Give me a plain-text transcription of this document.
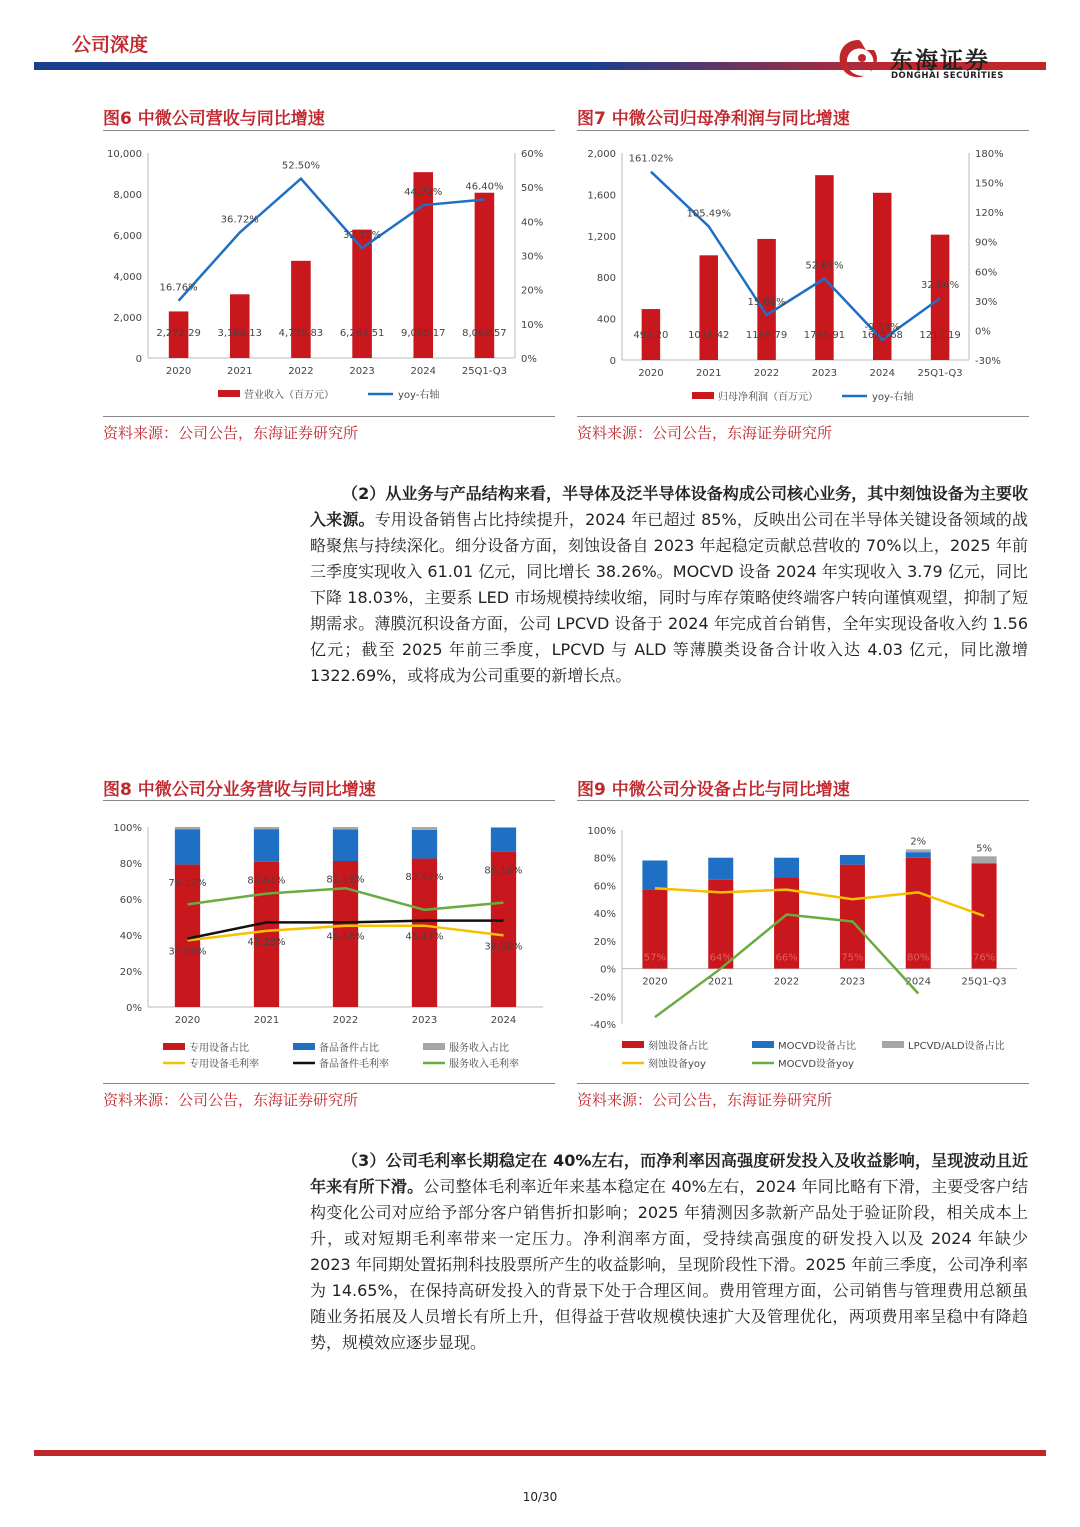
公司深度
东海证券
DONGHAI SECURITIES
图6 中微公司营收与同比增速	图7 中微公司归母净利润与同比增速
0
2,000
4,000
6,000
8,000
10,000
0%
10%
20%
30%
40%
50%
60%
2020	2021	2022	2023	2024	25Q1-Q3
16.76%
36.72%
52.50%
32.15%
44.73%
46.40%
2,272.29 3,108.13 4,739.83 6,263.51 9,065.17 8,062.57
营业收入（百万元）	yoy-右轴
0
400
800
1,200
1,600
2,000
-30%
0%
30%
60%
90%
120%
150%
180%
2020	2021	2022	2023	2024 25Q1-Q3
161.02%
105.49%
15.66%
52.67%
-9.53%
32.66%
492.20 1011.42 1169.79 1785.91 1615.68 1211.19
归母净利润（百万元）	yoy-右轴
资料来源：公司公告，东海证券研究所	资料来源：公司公告，东海证券研究所
（2）从业务与产品结构来看，半导体及泛半导体设备构成公司核心业务，其中刻蚀设备为主要收入来源。专用设备销售占比持续提升，2024 年已超过 85%，反映出公司在半导体关键设备领域的战略聚焦与持续深化。细分设备方面，刻蚀设备自 2023 年起稳定贡献总营收的 70%以上，2025 年前三季度实现收入 61.01 亿元，同比增长 38.26%。MOCVD 设备 2024 年实现收入 3.79 亿元，同比下降 18.03%，主要系 LED 市场规模持续收缩，同时与库存策略使终端客户转向谨慎观望，抑制了短期需求。薄膜沉积设备方面，公司 LPCVD 设备于 2024 年完成首台销售，全年实现设备收入约 1.56 亿元；截至 2025 年前三季度，LPCVD 与 ALD 等薄膜类设备合计收入达 4.03 亿元，同比激增 1322.69%，或将成为公司重要的新增长点。
图8 中微公司分业务营收与同比增速	图9 中微公司分设备占比与同比增速
0%
20%
40%
60%
80%
100%
2020	2021	2022	2023	2024
79.12%
37.00%
80.61%
42.28%
81.11%
45.16%
82.47%
45.17%
86.16%
39.80%
专用设备占比	备品备件占比	服务收入占比
专用设备毛利率	备品备件毛利率	服务收入毛利率
-40%
-20%
0%
20%
40%
60%
80%
100%
2020
57%
2021
64%
2022
66%
2023
75%
2024
80%
2%
25Q1-Q3
76%
5%
刻蚀设备占比	MOCVD设备占比	LPCVD/ALD设备占比
刻蚀设备yoy	MOCVD设备yoy
资料来源：公司公告，东海证券研究所	资料来源：公司公告，东海证券研究所
（3）公司毛利率长期稳定在 40%左右，而净利率因高强度研发投入及收益影响，呈现波动且近年来有所下滑。公司整体毛利率近年来基本稳定在 40%左右，2024 年同比略有下滑，主要受客户结构变化公司对应给予部分客户销售折扣影响；2025 年猜测因多款新产品处于验证阶段，相关成本上升，或对短期毛利率带来一定压力。净利润率方面，受持续高强度的研发投入以及 2024 年缺少 2023 年同期处置拓荆科技股票所产生的收益影响，呈现阶段性下滑。2025 年前三季度，公司净利率为 14.65%，在保持高研发投入的背景下处于合理区间。费用管理方面，公司销售与管理费用总额虽随业务拓展及人员增长有所上升，但得益于营收规模快速扩大及管理优化，两项费用率呈稳中有降趋势，规模效应逐步显现。
10/30
